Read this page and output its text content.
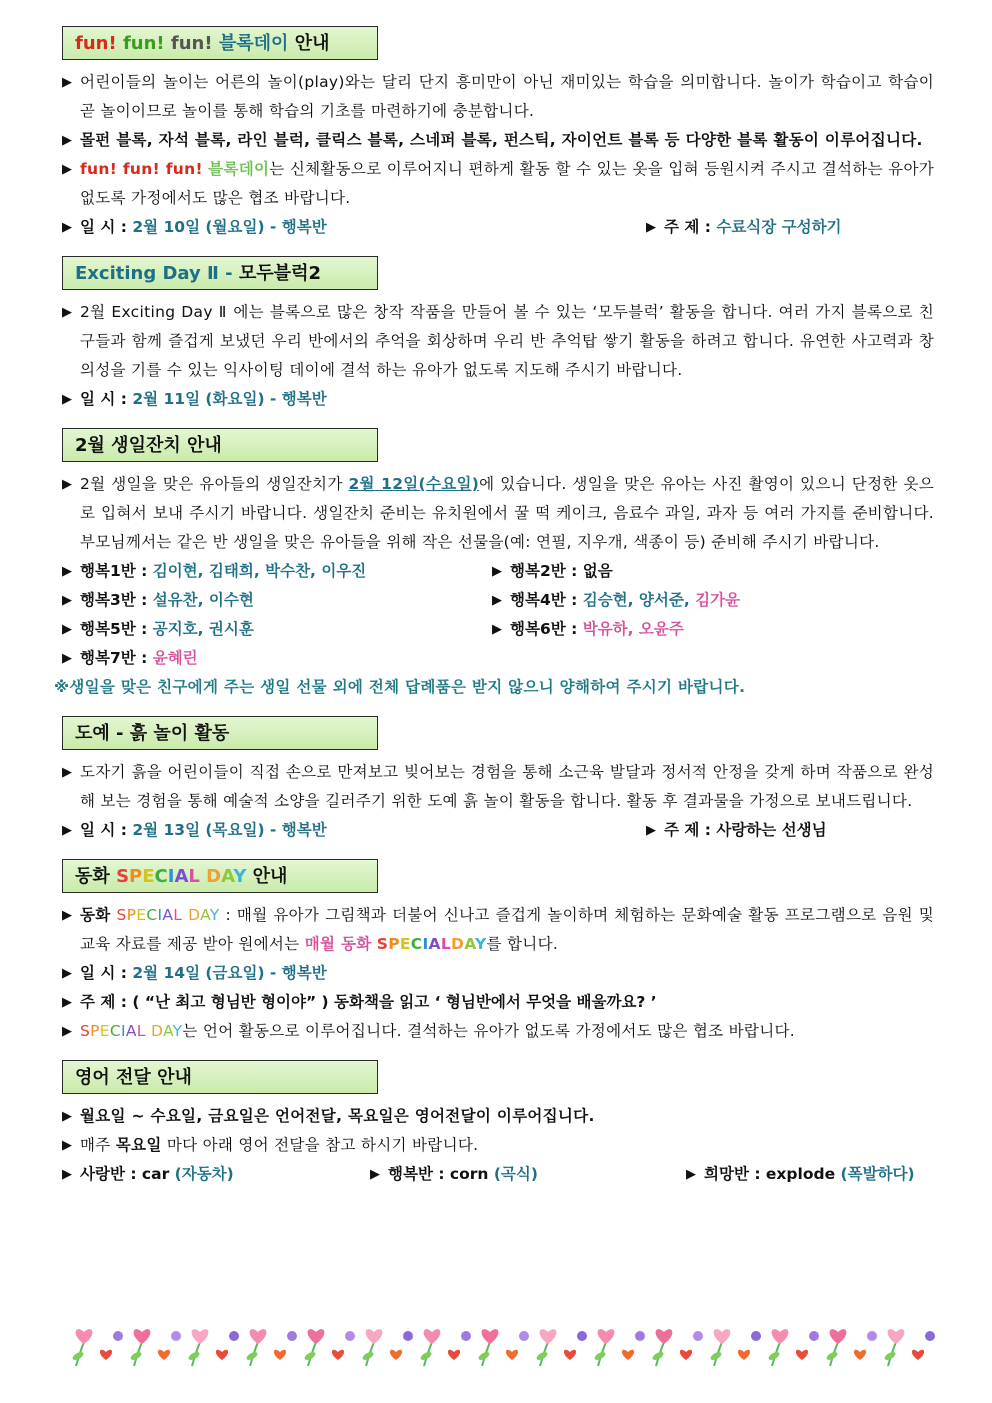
fun! fun! fun! 블록데이 안내
▶ 어린이들의 놀이는 어른의 놀이(play)와는 달리 단지 흥미만이 아닌 재미있는 학습을 의미합니다. 놀이가 학습이고 학습이 곧 놀이이므로 놀이를 통해 학습의 기초를 마련하기에 충분합니다.
▶ 몰펀 블록, 자석 블록, 라인 블럭, 클릭스 블록, 스네퍼 블록, 펀스틱, 자이언트 블록 등 다양한 블록 활동이 이루어집니다.
▶ fun! fun! fun! 블록데이는 신체활동으로 이루어지니 편하게 활동 할 수 있는 옷을 입혀 등원시켜 주시고 결석하는 유아가 없도록 가정에서도 많은 협조 바랍니다.
▶ 일 시 : 2월 10일 (월요일) - 행복반	▶ 주 제 : 수료식장 구성하기
Exciting Day Ⅱ - 모두블럭2
▶ 2월 Exciting Day Ⅱ 에는 블록으로 많은 창작 작품을 만들어 볼 수 있는 ‘모두블럭’ 활동을 합니다. 여러 가지 블록으로 친구들과 함께 즐겁게 보냈던 우리 반에서의 추억을 회상하며 우리 반 추억탑 쌓기 활동을 하려고 합니다. 유연한 사고력과 창의성을 기를 수 있는 익사이팅 데이에 결석 하는 유아가 없도록 지도해 주시기 바랍니다.
▶ 일 시 : 2월 11일 (화요일) - 행복반
2월 생일잔치 안내
▶ 2월 생일을 맞은 유아들의 생일잔치가 2월 12일(수요일)에 있습니다. 생일을 맞은 유아는 사진 촬영이 있으니 단정한 옷으로 입혀서 보내 주시기 바랍니다. 생일잔치 준비는 유치원에서 꿀 떡 케이크, 음료수 과일, 과자 등 여러 가지를 준비합니다. 부모님께서는 같은 반 생일을 맞은 유아들을 위해 작은 선물을(예: 연필, 지우개, 색종이 등) 준비해 주시기 바랍니다.
▶ 행복1반 : 김이현, 김태희, 박수찬, 이우진	▶ 행복2반 : 없음
▶ 행복3반 : 설유찬, 이수현	▶ 행복4반 : 김승현, 양서준, 김가윤
▶ 행복5반 : 공지호, 권시훈	▶ 행복6반 : 박유하, 오윤주
▶ 행복7반 : 윤혜린
※생일을 맞은 친구에게 주는 생일 선물 외에 전체 답례품은 받지 않으니 양해하여 주시기 바랍니다.
도예 - 흙 놀이 활동
▶ 도자기 흙을 어린이들이 직접 손으로 만져보고 빚어보는 경험을 통해 소근육 발달과 정서적 안정을 갖게 하며 작품으로 완성해 보는 경험을 통해 예술적 소양을 길러주기 위한 도예 흙 놀이 활동을 합니다. 활동 후 결과물을 가정으로 보내드립니다.
▶ 일 시 : 2월 13일 (목요일) - 행복반	▶ 주 제 : 사랑하는 선생님
동화 SPECIAL DAY 안내
▶ 동화 SPECIAL DAY : 매월 유아가 그림책과 더불어 신나고 즐겁게 놀이하며 체험하는 문화예술 활동 프로그램으로 음원 및 교육 자료를 제공 받아 원에서는 매월 동화 SPECIALDAY를 합니다.
▶ 일 시 : 2월 14일 (금요일) - 행복반
▶ 주 제 : ( “난 최고 형님반 형이야” ) 동화책을 읽고 ‘ 형님반에서 무엇을 배울까요? ’
▶ SPECIAL DAY는 언어 활동으로 이루어집니다. 결석하는 유아가 없도록 가정에서도 많은 협조 바랍니다.
영어 전달 안내
▶ 월요일 ~ 수요일, 금요일은 언어전달, 목요일은 영어전달이 이루어집니다.
▶ 매주 목요일 마다 아래 영어 전달을 참고 하시기 바랍니다.
▶ 사랑반 : car (자동차)	▶ 행복반 : corn (곡식)	▶ 희망반 : explode (폭발하다)
